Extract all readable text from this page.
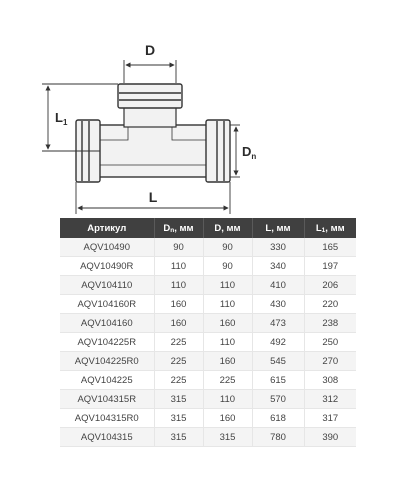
D
$L_1$
$D_n$
L
Артикул	$D_n$, мм	D, мм	L, мм	$L_1$, мм
AQV10490	90	90	330	165
AQV10490R	110	90	340	197
AQV104110	110	110	410	206
AQV104160R	160	110	430	220
AQV104160	160	160	473	238
AQV104225R	225	110	492	250
AQV104225R0	225	160	545	270
AQV104225	225	225	615	308
AQV104315R	315	110	570	312
AQV104315R0	315	160	618	317
AQV104315	315	315	780	390
